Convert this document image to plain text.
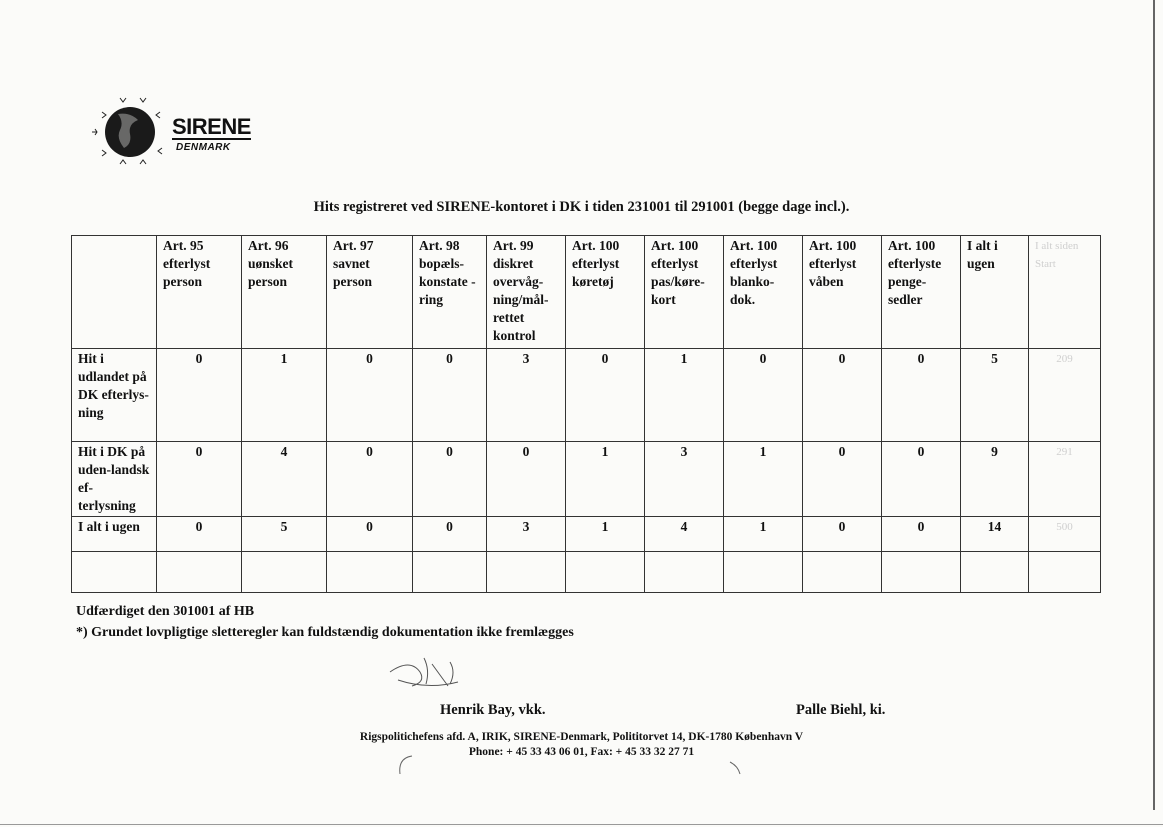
SIRENE
DENMARK
Hits registreret ved SIRENE-kontoret i DK i tiden 231001 til 291001 (begge dage incl.).
	Art. 95 efterlyst person	Art. 96 uønsket person	Art. 97 savnet person	Art. 98 bopæls-konstate -ring	Art. 99 diskret overvåg-ning/mål-rettet kontrol	Art. 100 efterlyst køretøj	Art. 100 efterlyst pas/køre-kort	Art. 100 efterlyst blanko-dok.	Art. 100 efterlyst våben	Art. 100 efterlyste penge-sedler	I alt i ugen	I alt siden Start
Hit i udlandet på DK efterlys-ning	0	1	0	0	3	0	1	0	0	0	5	209
Hit i DK på uden-landsk ef-terlysning	0	4	0	0	0	1	3	1	0	0	9	291
I alt i ugen	0	5	0	0	3	1	4	1	0	0	14	500

Udfærdiget den 301001 af HB
*) Grundet lovpligtige sletteregler kan fuldstændig dokumentation ikke fremlægges
Henrik Bay, vkk.	Palle Biehl, ki.
Rigspolitichefens afd. A, IRIK, SIRENE-Denmark, Polititorvet 14, DK-1780 København V
Phone: + 45 33 43 06 01, Fax: + 45 33 32 27 71
